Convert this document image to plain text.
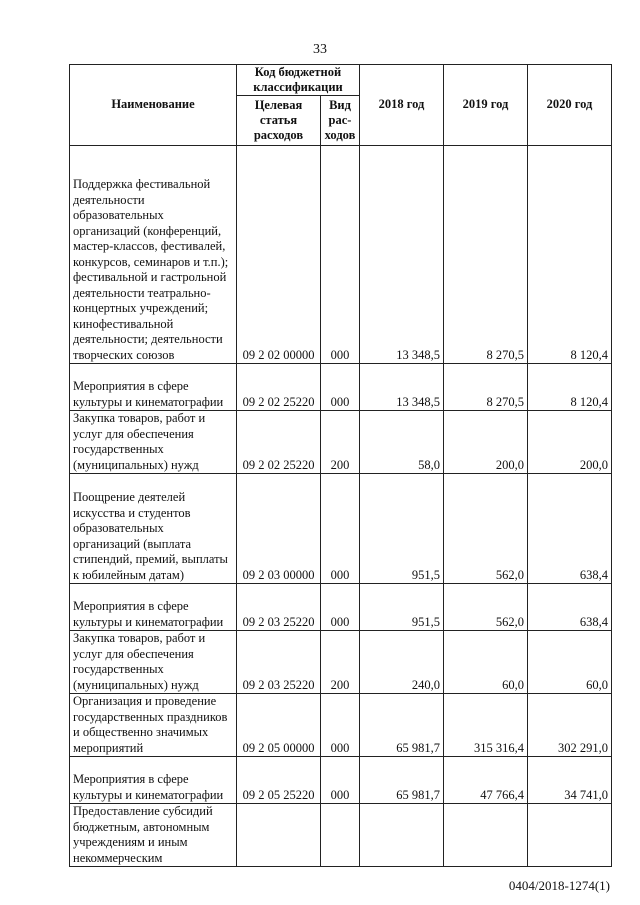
33
Наименование	Код бюджетной классификации		2018 год	2019 год	2020 год
	Целевая статья расходов	Вид рас-ходов			
Поддержка фестивальной деятельности образовательных организаций (конференций, мастер-классов, фестивалей, конкурсов, семинаров и т.п.); фестивальной и гастрольной деятельности театрально-концертных учреждений; кинофестивальной деятельности; деятельности творческих союзов	09 2 02 00000	000	13 348,5	8 270,5	8 120,4
Мероприятия в сфере культуры и кинематографии	09 2 02 25220	000	13 348,5	8 270,5	8 120,4
Закупка товаров, работ и услуг для обеспечения государственных (муниципальных) нужд	09 2 02 25220	200	58,0	200,0	200,0
Поощрение деятелей искусства и студентов образовательных организаций (выплата стипендий, премий, выплаты к юбилейным датам)	09 2 03 00000	000	951,5	562,0	638,4
Мероприятия в сфере культуры и кинематографии	09 2 03 25220	000	951,5	562,0	638,4
Закупка товаров, работ и услуг для обеспечения государственных (муниципальных) нужд	09 2 03 25220	200	240,0	60,0	60,0
Организация и проведение государственных праздников и общественно значимых мероприятий	09 2 05 00000	000	65 981,7	315 316,4	302 291,0
Мероприятия в сфере культуры и кинематографии	09 2 05 25220	000	65 981,7	47 766,4	34 741,0
Предоставление субсидий бюджетным, автономным учреждениям и иным некоммерческим					
0404/2018-1274(1)
